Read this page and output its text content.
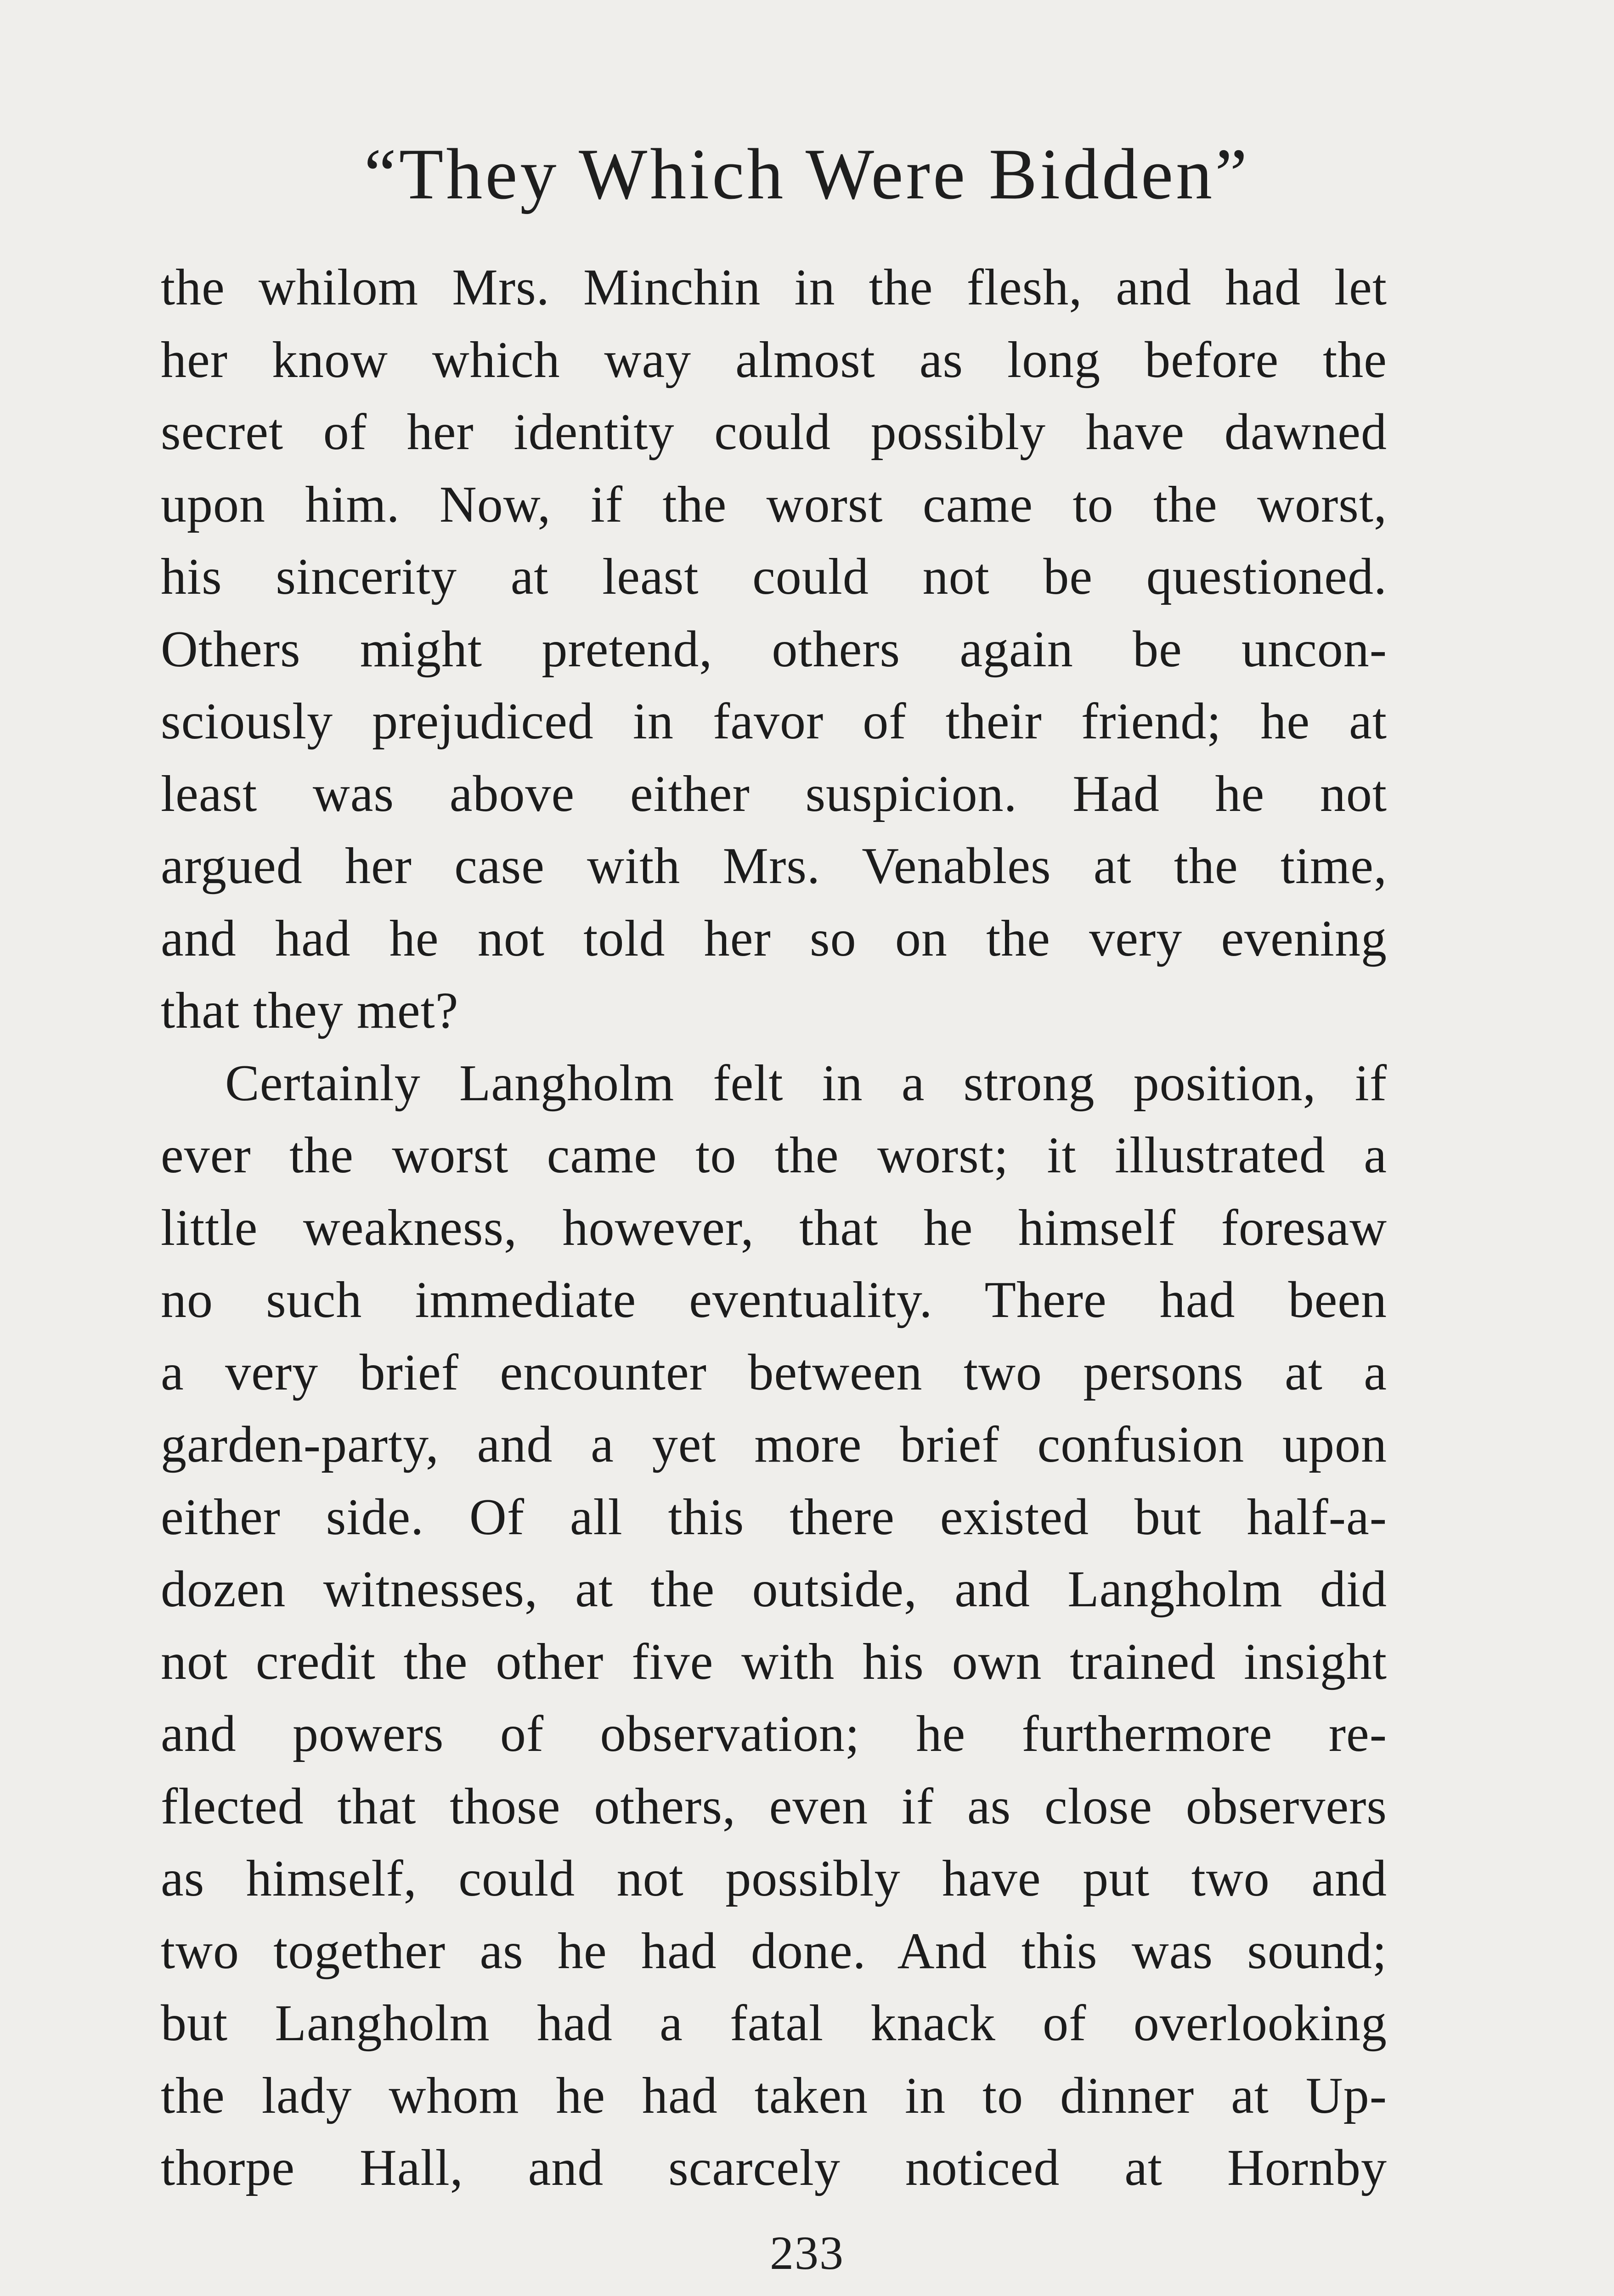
“They Which Were Bidden”
the whilom Mrs. Minchin in the flesh, and had let
her know which way almost as long before the
secret of her identity could possibly have dawned
upon him. Now, if the worst came to the worst,
his sincerity at least could not be questioned.
Others might pretend, others again be uncon-
sciously prejudiced in favor of their friend; he at
least was above either suspicion. Had he not
argued her case with Mrs. Venables at the time,
and had he not told her so on the very evening
that they met?
Certainly Langholm felt in a strong position, if
ever the worst came to the worst; it illustrated a
little weakness, however, that he himself foresaw
no such immediate eventuality. There had been
a very brief encounter between two persons at a
garden-party, and a yet more brief confusion upon
either side. Of all this there existed but half-a-
dozen witnesses, at the outside, and Langholm did
not credit the other five with his own trained insight
and powers of observation; he furthermore re-
flected that those others, even if as close observers
as himself, could not possibly have put two and
two together as he had done. And this was sound;
but Langholm had a fatal knack of overlooking
the lady whom he had taken in to dinner at Up-
thorpe Hall, and scarcely noticed at Hornby
233
